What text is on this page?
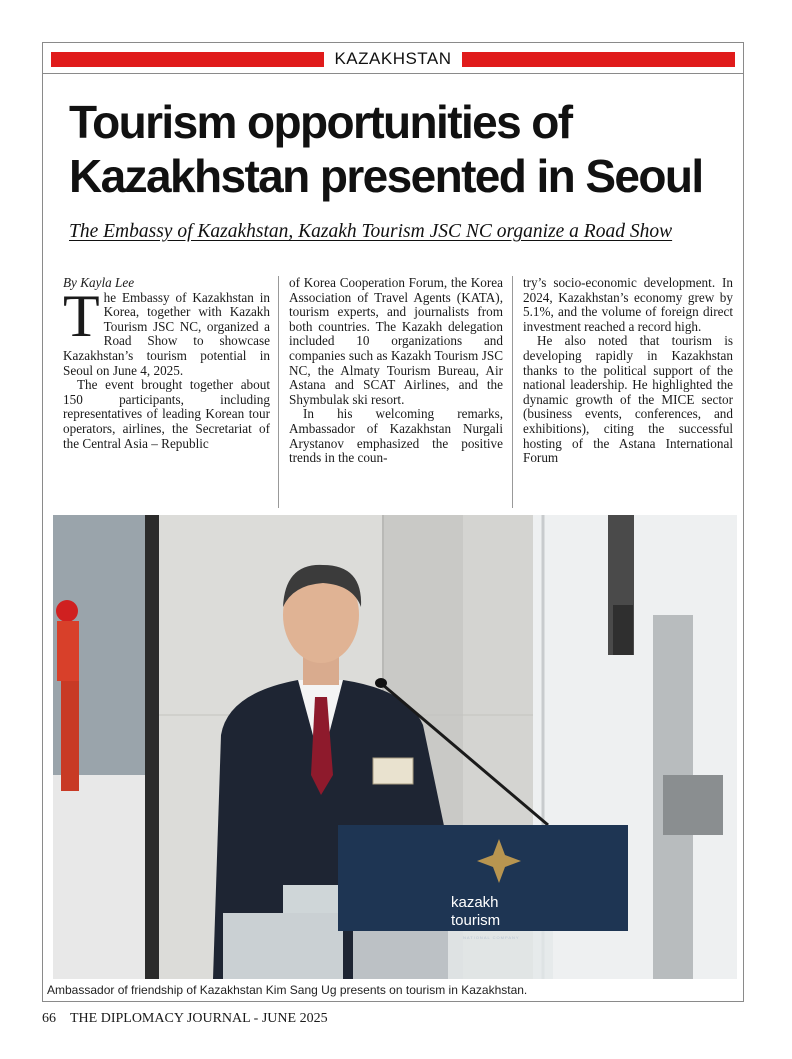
KAZAKHSTAN
Tourism opportunities of
Kazakhstan presented in Seoul

The Embassy of Kazakhstan, Kazakh Tourism JSC NC organize a Road Show

By Kayla Lee

The Embassy of Kazakhstan in Korea, together with Kazakh Tourism JSC NC, organized a Road Show to showcase Kazakhstan’s tourism potential in Seoul on June 4, 2025.

The event brought together about 150 participants, including representatives of leading Korean tour operators, airlines, the Secretariat of the Central Asia – Republic

of Korea Cooperation Forum, the Korea Association of Travel Agents (KATA), tourism experts, and journalists from both countries. The Kazakh delegation included 10 organizations and companies such as Kazakh Tourism JSC NC, the Almaty Tourism Bureau, Air Astana and SCAT Airlines, and the Shymbulak ski resort.

In his welcoming remarks, Ambassador of Kazakhstan Nurgali Arystanov emphasized the positive trends in the coun-

try’s socio-economic development. In 2024, Kazakhstan’s economy grew by 5.1%, and the volume of foreign direct investment reached a record high.

He also noted that tourism is developing rapidly in Kazakhstan thanks to the political support of the national leadership. He highlighted the dynamic growth of the MICE sector (business events, conferences, and exhibitions), citing the successful hosting of the Astana International Forum

kazakh
tourism
NATIONAL COMPANY

Ambassador of friendship of Kazakhstan Kim Sang Ug presents on tourism in Kazakhstan.

66 THE DIPLOMACY JOURNAL - JUNE 2025
